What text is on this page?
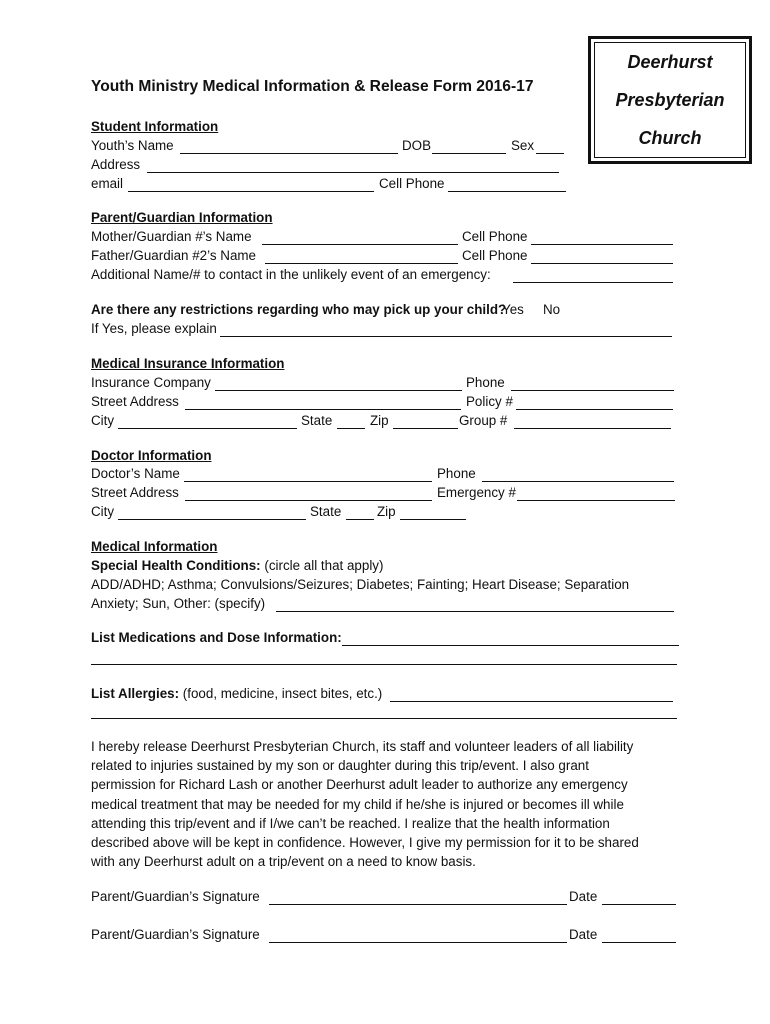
Youth Ministry Medical Information & Release Form 2016-17
Deerhurst
Presbyterian
Church
Student Information
Youth’s Name	DOB	Sex
Address
email	Cell Phone
Parent/Guardian Information
Mother/Guardian #’s Name	Cell Phone
Father/Guardian #2’s Name	Cell Phone
Additional Name/# to contact in the unlikely event of an emergency:
Are there any restrictions regarding who may pick up your child?
Yes No
If Yes, please explain
Medical Insurance Information
Insurance Company	Phone
Street Address	Policy #
City	State	Zip	Group #
Doctor Information
Doctor’s Name	Phone
Street Address	Emergency #
City	State	Zip
Medical Information
Special Health Conditions: (circle all that apply)
ADD/ADHD; Asthma; Convulsions/Seizures; Diabetes; Fainting; Heart Disease; Separation
Anxiety; Sun, Other: (specify)
List Medications and Dose Information:
List Allergies: (food, medicine, insect bites, etc.)
I hereby release Deerhurst Presbyterian Church, its staff and volunteer leaders of all liability
related to injuries sustained by my son or daughter during this trip/event. I also grant
permission for Richard Lash or another Deerhurst adult leader to authorize any emergency
medical treatment that may be needed for my child if he/she is injured or becomes ill while
attending this trip/event and if I/we can’t be reached. I realize that the health information
described above will be kept in confidence. However, I give my permission for it to be shared
with any Deerhurst adult on a trip/event on a need to know basis.
Parent/Guardian’s Signature	Date
Parent/Guardian’s Signature	Date
